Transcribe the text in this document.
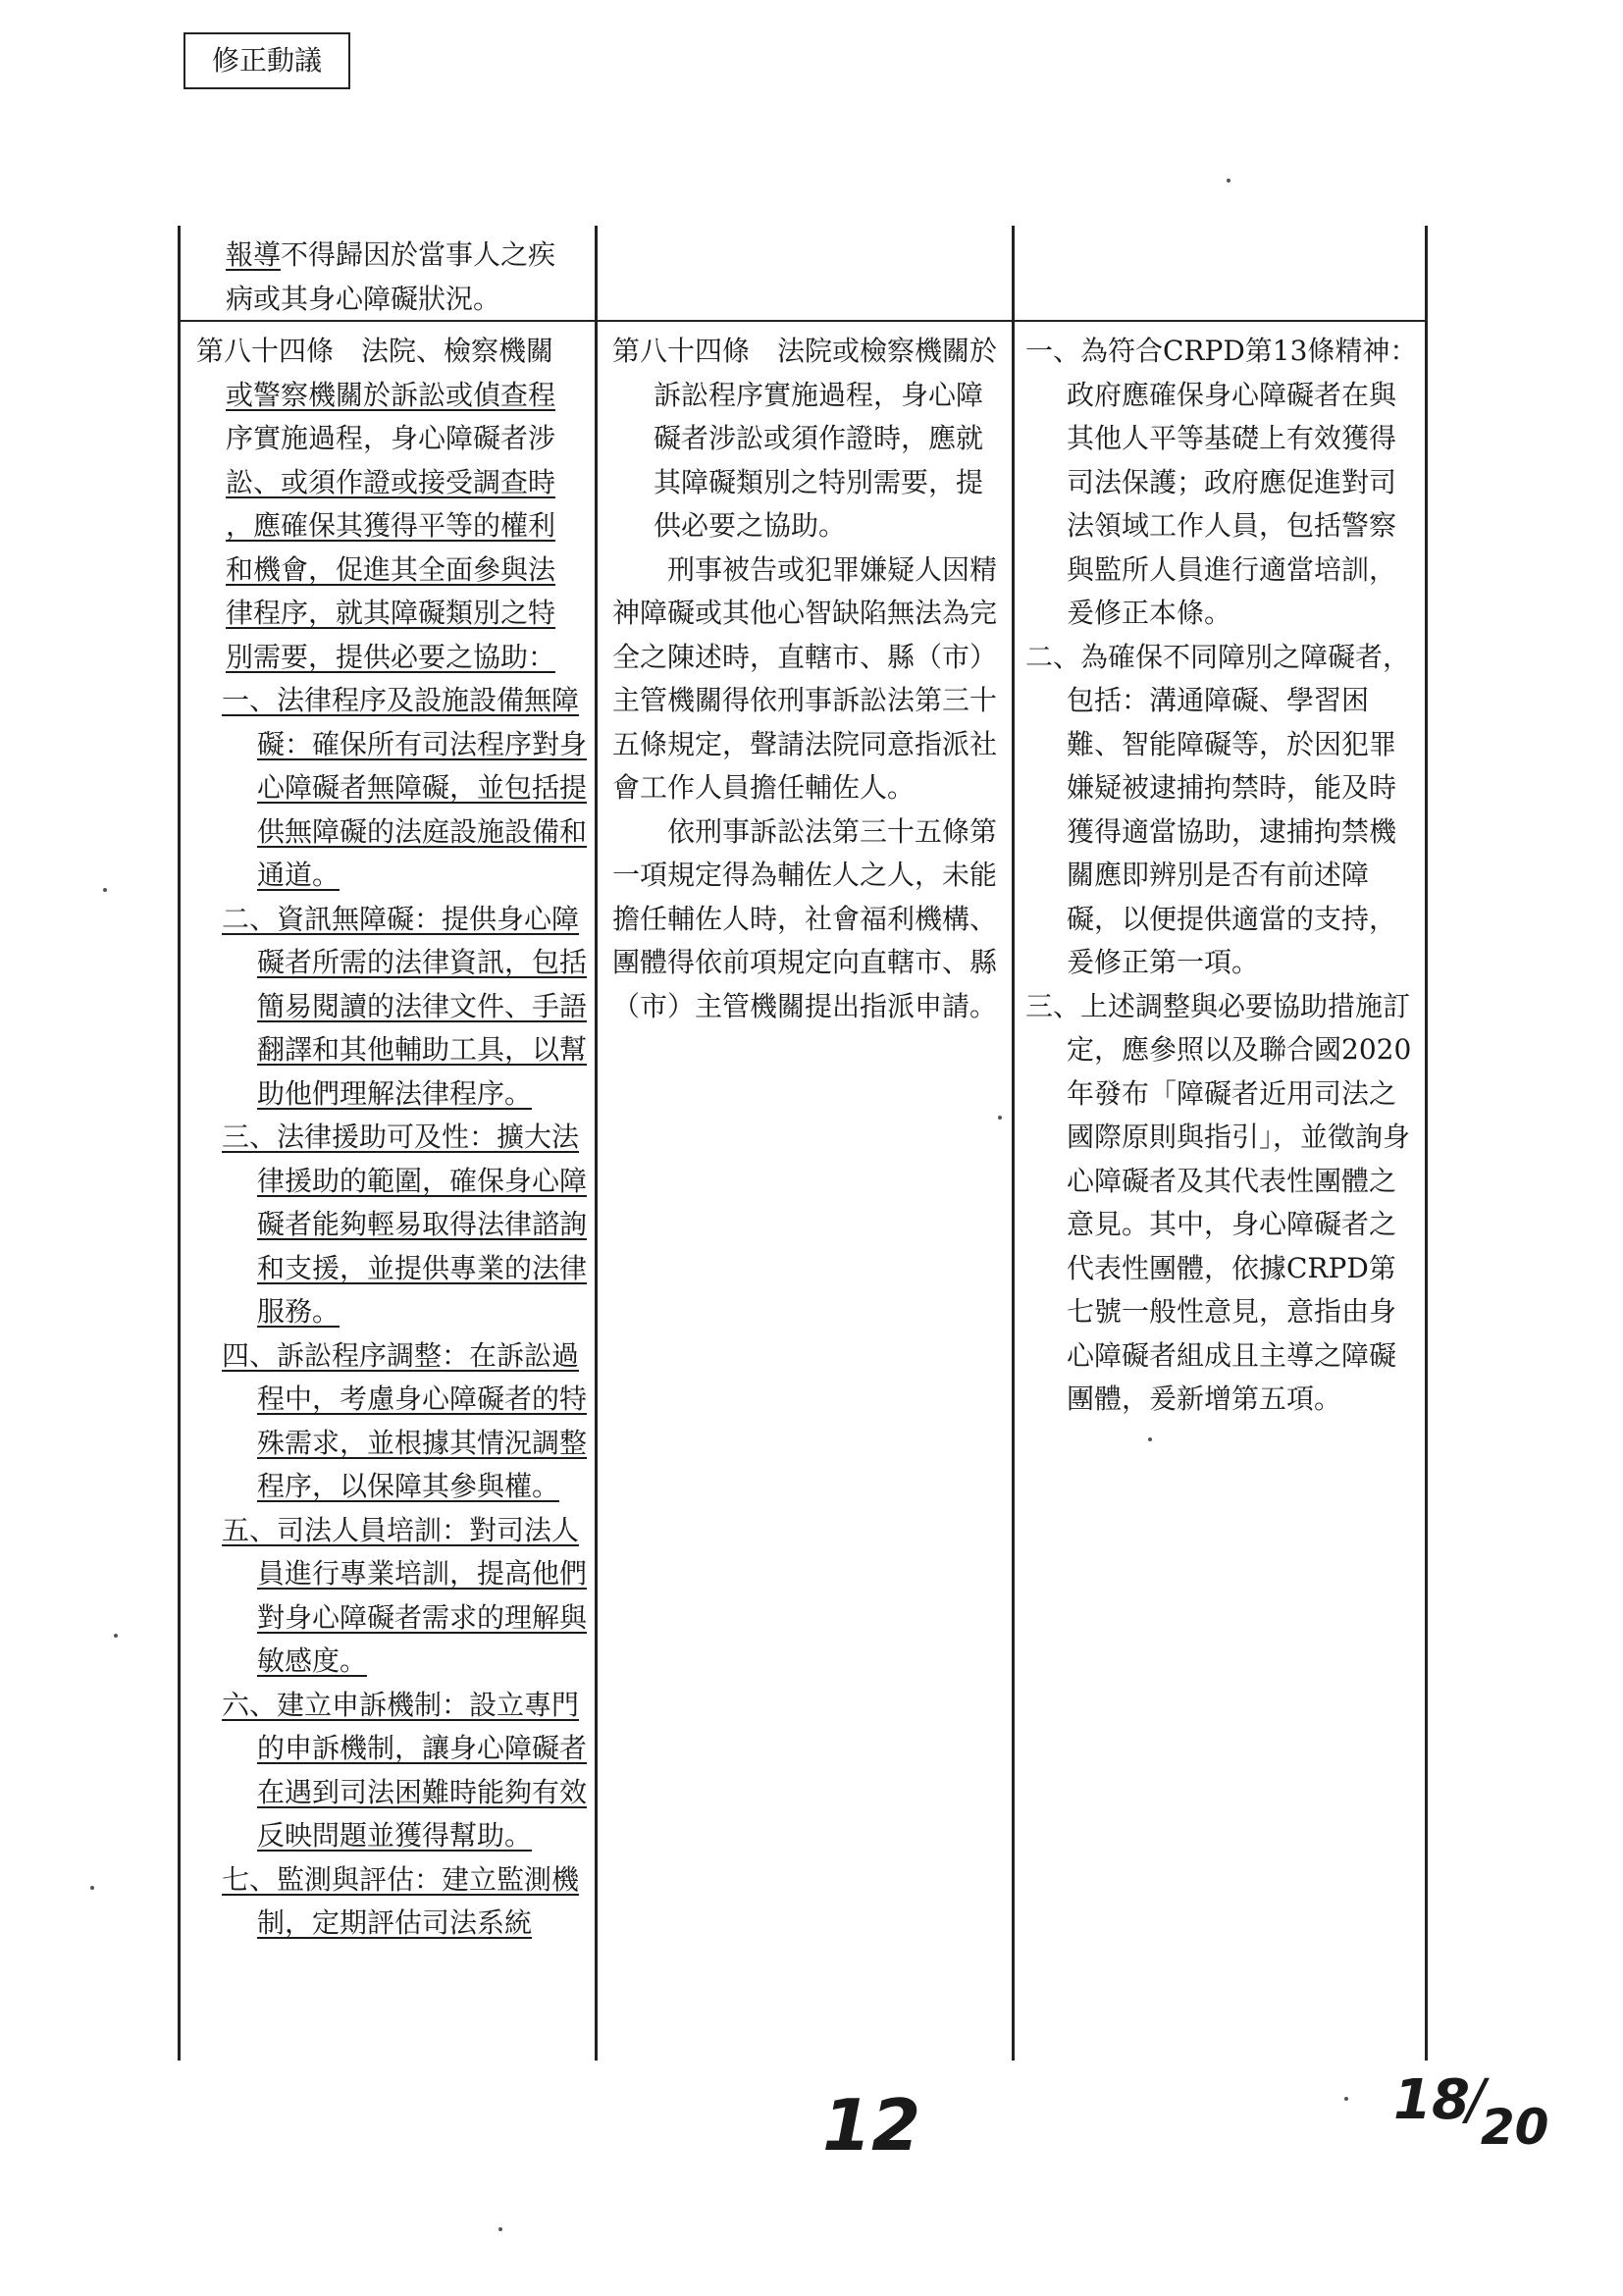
修正動議
報導不得歸因於當事人之疾
病或其身心障礙狀況。
第八十四條　法院、檢察機關
或警察機關於訴訟或偵查程
序實施過程，身心障礙者涉
訟、或須作證或接受調查時
，應確保其獲得平等的權利
和機會，促進其全面參與法
律程序，就其障礙類別之特
別需要，提供必要之協助：
一、法律程序及設施設備無障礙：確保所有司法程序對身心障礙者無障礙，並包括提供無障礙的法庭設施設備和通道。
二、資訊無障礙：提供身心障礙者所需的法律資訊，包括簡易閱讀的法律文件、手語翻譯和其他輔助工具，以幫助他們理解法律程序。
三、法律援助可及性：擴大法律援助的範圍，確保身心障礙者能夠輕易取得法律諮詢和支援，並提供專業的法律服務。
四、訴訟程序調整：在訴訟過程中，考慮身心障礙者的特殊需求，並根據其情況調整程序，以保障其參與權。
五、司法人員培訓：對司法人員進行專業培訓，提高他們對身心障礙者需求的理解與敏感度。
六、建立申訴機制：設立專門的申訴機制，讓身心障礙者在遇到司法困難時能夠有效反映問題並獲得幫助。
七、監測與評估：建立監測機制，定期評估司法系統
第八十四條　法院或檢察機關於訴訟程序實施過程，身心障礙者涉訟或須作證時，應就其障礙類別之特別需要，提供必要之協助。
刑事被告或犯罪嫌疑人因精神障礙或其他心智缺陷無法為完全之陳述時，直轄市、縣（市）主管機關得依刑事訴訟法第三十五條規定，聲請法院同意指派社會工作人員擔任輔佐人。
依刑事訴訟法第三十五條第一項規定得為輔佐人之人，未能擔任輔佐人時，社會福利機構、團體得依前項規定向直轄市、縣（市）主管機關提出指派申請。
一、為符合CRPD第13條精神：政府應確保身心障礙者在與其他人平等基礎上有效獲得司法保護；政府應促進對司法領域工作人員，包括警察與監所人員進行適當培訓，爰修正本條。
二、為確保不同障別之障礙者，包括：溝通障礙、學習困難、智能障礙等，於因犯罪嫌疑被逮捕拘禁時，能及時獲得適當協助，逮捕拘禁機關應即辨別是否有前述障礙，以便提供適當的支持，爰修正第一項。
三、上述調整與必要協助措施訂定，應參照以及聯合國2020年發布「障礙者近用司法之國際原則與指引」，並徵詢身心障礙者及其代表性團體之意見。其中，身心障礙者之代表性團體，依據CRPD第七號一般性意見，意指由身心障礙者組成且主導之障礙團體，爰新增第五項。
12	18/20
